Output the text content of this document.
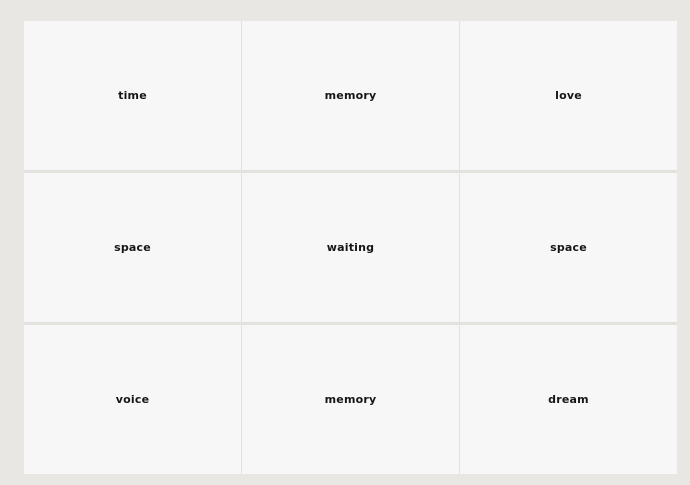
time	memory	love
space	waiting	space
voice	memory	dream
